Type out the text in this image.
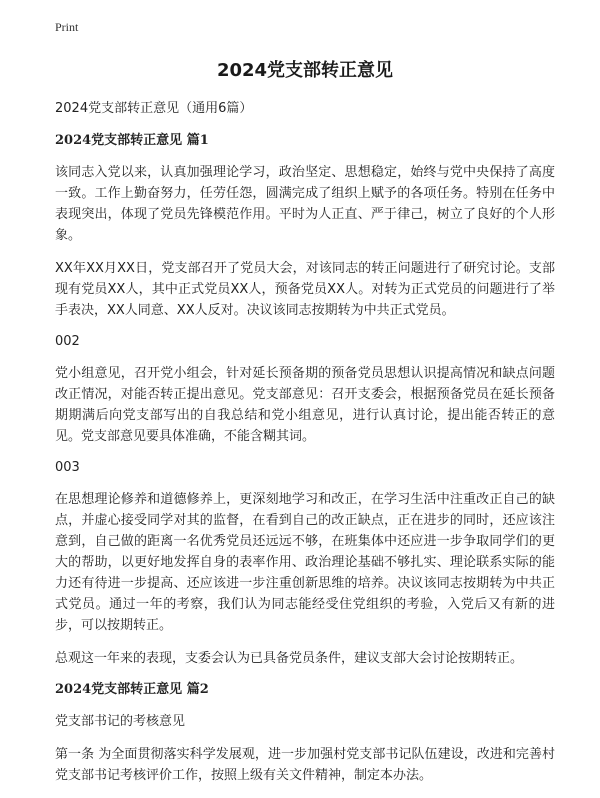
Print
2024党支部转正意见
2024党支部转正意见（通用6篇）
2024党支部转正意见 篇1

该同志入党以来，认真加强理论学习，政治坚定、思想稳定，始终与党中央保持了高度一致。工作上勤奋努力，任劳任怨，圆满完成了组织上赋予的各项任务。特别在任务中表现突出，体现了党员先锋模范作用。平时为人正直、严于律己，树立了良好的个人形象。

XX年XX月XX日，党支部召开了党员大会，对该同志的转正问题进行了研究讨论。支部现有党员XX人，其中正式党员XX人，预备党员XX人。对转为正式党员的问题进行了举手表决，XX人同意、XX人反对。决议该同志按期转为中共正式党员。

002

党小组意见，召开党小组会，针对延长预备期的预备党员思想认识提高情况和缺点问题改正情况，对能否转正提出意见。党支部意见：召开支委会，根据预备党员在延长预备期期满后向党支部写出的自我总结和党小组意见，进行认真讨论，提出能否转正的意见。党支部意见要具体准确，不能含糊其词。

003

在思想理论修养和道德修养上，更深刻地学习和改正，在学习生活中注重改正自己的缺点，并虚心接受同学对其的监督，在看到自己的改正缺点，正在进步的同时，还应该注意到，自己做的距离一名优秀党员还远远不够，在班集体中还应进一步争取同学们的更大的帮助，以更好地发挥自身的表率作用、政治理论基础不够扎实、理论联系实际的能力还有待进一步提高、还应该进一步注重创新思维的培养。决议该同志按期转为中共正式党员。通过一年的考察，我们认为同志能经受住党组织的考验，入党后又有新的进步，可以按期转正。

总观这一年来的表现，支委会认为已具备党员条件，建议支部大会讨论按期转正。

2024党支部转正意见 篇2

党支部书记的考核意见

第一条 为全面贯彻落实科学发展观，进一步加强村党支部书记队伍建设，改进和完善村党支部书记考核评价工作，按照上级有关文件精神，制定本办法。
